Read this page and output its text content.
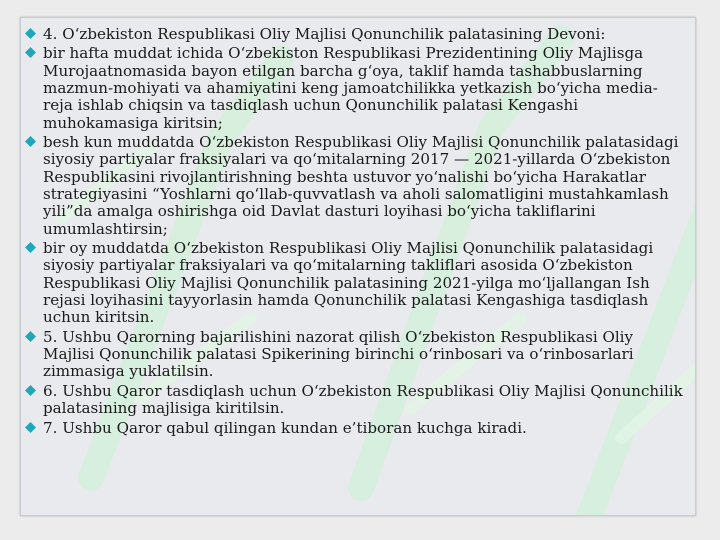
4. O‘zbekiston Respublikasi Oliy Majlisi Qonunchilik palatasining Devoni:
bir hafta muddat ichida O‘zbekiston Respublikasi Prezidentining Oliy Majlisga Murojaatnomasida bayon etilgan barcha g‘oya, taklif hamda tashabbuslarning mazmun-mohiyati va ahamiyatini keng jamoatchilikka yetkazish bo‘yicha media-reja ishlab chiqsin va tasdiqlash uchun Qonunchilik palatasi Kengashi muhokamasiga kiritsin;
besh kun muddatda O‘zbekiston Respublikasi Oliy Majlisi Qonunchilik palatasidagi siyosiy partiyalar fraksiyalari va qo‘mitalarning 2017 — 2021-yillarda O‘zbekiston Respublikasini rivojlantirishning beshta ustuvor yo‘nalishi bo‘yicha Harakatlar strategiyasini “Yoshlarni qo‘llab-quvvatlash va aholi salomatligini mustahkamlash yili”da amalga oshirishga oid Davlat dasturi loyihasi bo‘yicha takliflarini umumlashtirsin;
bir oy muddatda O‘zbekiston Respublikasi Oliy Majlisi Qonunchilik palatasidagi siyosiy partiyalar fraksiyalari va qo‘mitalarning takliflari asosida O‘zbekiston Respublikasi Oliy Majlisi Qonunchilik palatasining 2021-yilga mo‘ljallangan Ish rejasi loyihasini tayyorlasin hamda Qonunchilik palatasi Kengashiga tasdiqlash uchun kiritsin.
5. Ushbu Qarorning bajarilishini nazorat qilish O‘zbekiston Respublikasi Oliy Majlisi Qonunchilik palatasi Spikerining birinchi o‘rinbosari va o‘rinbosarlari zimmasiga yuklatilsin.
6. Ushbu Qaror tasdiqlash uchun O‘zbekiston Respublikasi Oliy Majlisi Qonunchilik palatasining majlisiga kiritilsin.
7. Ushbu Qaror qabul qilingan kundan e’tiboran kuchga kiradi.
